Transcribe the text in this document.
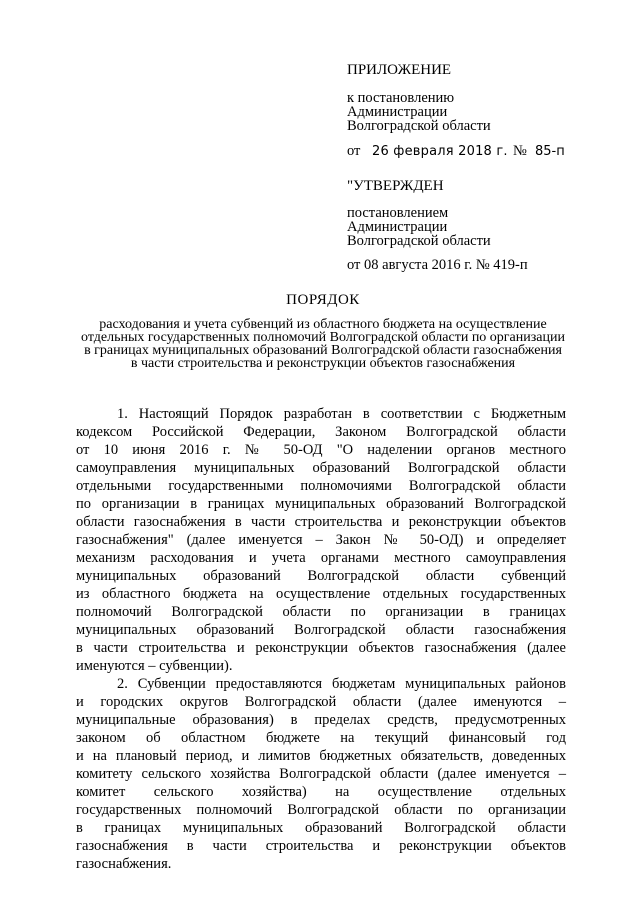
ПРИЛОЖЕНИЕ
к постановлению
Администрации
Волгоградской области
от 26 февраля 2018 г. № 85-п
"УТВЕРЖДЕН
постановлением
Администрации
Волгоградской области
от 08 августа 2016 г. № 419-п
ПОРЯДОК
расходования и учета субвенций из областного бюджета на осуществление
отдельных государственных полномочий Волгоградской области по организации
в границах муниципальных образований Волгоградской области газоснабжения
в части строительства и реконструкции объектов газоснабжения
1. Настоящий Порядок разработан в соответствии с Бюджетным
кодексом Российской Федерации, Законом Волгоградской области
от 10 июня 2016 г. № 50-ОД "О наделении органов местного
самоуправления муниципальных образований Волгоградской области
отдельными государственными полномочиями Волгоградской области
по организации в границах муниципальных образований Волгоградской
области газоснабжения в части строительства и реконструкции объектов
газоснабжения" (далее именуется – Закон № 50-ОД) и определяет
механизм расходования и учета органами местного самоуправления
муниципальных образований Волгоградской области субвенций
из областного бюджета на осуществление отдельных государственных
полномочий Волгоградской области по организации в границах
муниципальных образований Волгоградской области газоснабжения
в части строительства и реконструкции объектов газоснабжения (далее
именуются – субвенции).
2. Субвенции предоставляются бюджетам муниципальных районов
и городских округов Волгоградской области (далее именуются –
муниципальные образования) в пределах средств, предусмотренных
законом об областном бюджете на текущий финансовый год
и на плановый период, и лимитов бюджетных обязательств, доведенных
комитету сельского хозяйства Волгоградской области (далее именуется –
комитет сельского хозяйства) на осуществление отдельных
государственных полномочий Волгоградской области по организации
в границах муниципальных образований Волгоградской области
газоснабжения в части строительства и реконструкции объектов
газоснабжения.
